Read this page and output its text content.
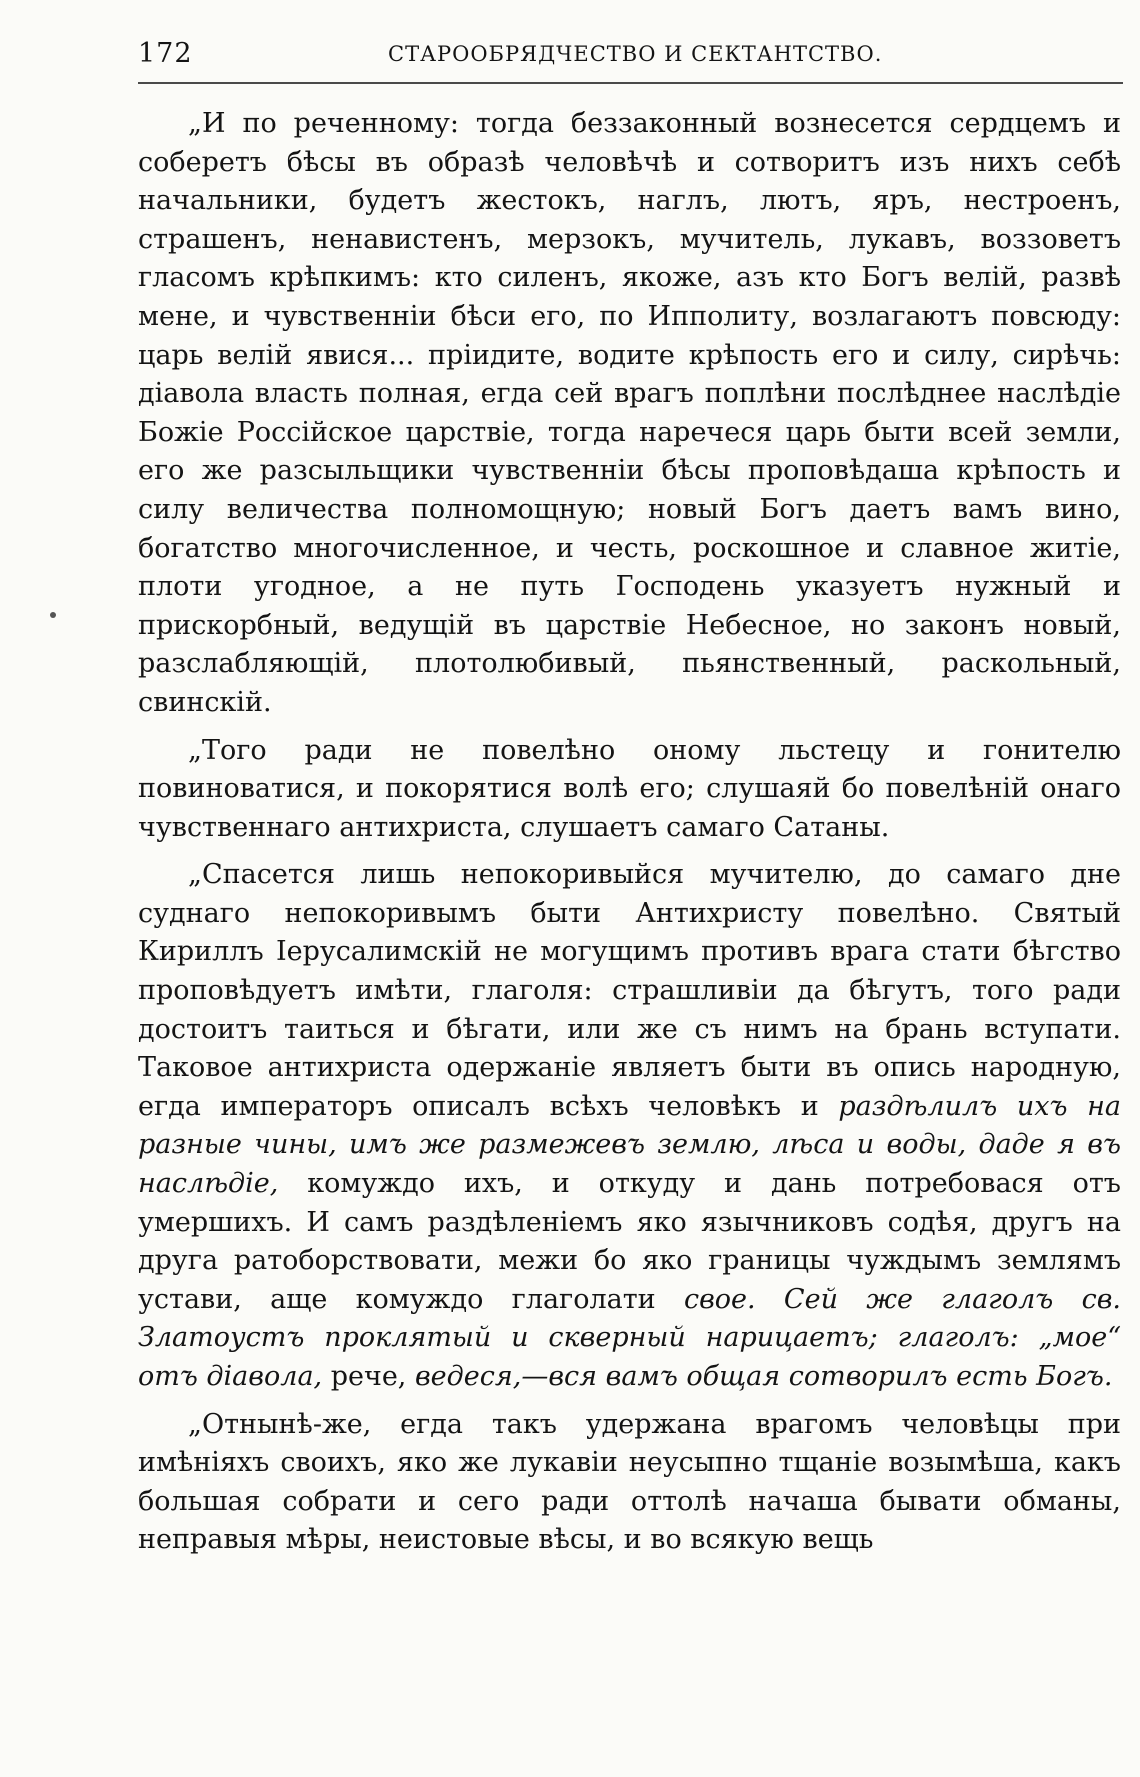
172	СТАРООБРЯДЧЕСТВО И СЕКТАНТСТВО.

„И по реченному: тогда беззаконный вознесется сердцемъ и соберетъ бѣсы въ образѣ человѣчѣ и сотворитъ изъ нихъ себѣ начальники, будетъ жестокъ, наглъ, лютъ, яръ, нестроенъ, страшенъ, ненавистенъ, мерзокъ, мучитель, лукавъ, воззоветъ гласомъ крѣпкимъ: кто силенъ, якоже, азъ кто Богъ велій, развѣ мене, и чувственніи бѣси его, по Ипполиту, возлагаютъ повсюду: царь велій явися... пріидите, водите крѣпость его и силу, сирѣчь: діавола власть полная, егда сей врагъ поплѣни послѣднее наслѣдіе Божіе Россійское царствіе, тогда наречеся царь быти всей земли, его же разсыльщики чувственніи бѣсы проповѣдаша крѣпость и силу величества полномощную; новый Богъ даетъ вамъ вино, богатство многочисленное, и честь, роскошное и славное житіе, плоти угодное, а не путь Господень указуетъ нужный и прискорбный, ведущій въ царствіе Небесное, но законъ новый, разслабляющій, плотолюбивый, пьянственный, раскольный, свинскій.

„Того ради не повелѣно оному льстецу и гонителю повиноватися, и покорятися волѣ его; слушаяй бо повелѣній онаго чувственнаго антихриста, слушаетъ самаго Сатаны.

„Спасется лишь непокоривыйся мучителю, до самаго дне суднаго непокоривымъ быти Антихристу повелѣно. Святый Кириллъ Іерусалимскій не могущимъ противъ врага стати бѣгство проповѣдуетъ имѣти, глаголя: страшливіи да бѣгутъ, того ради достоитъ таиться и бѣгати, или же съ нимъ на брань вступати. Таковое антихриста одержаніе являетъ быти въ опись народную, егда императоръ описалъ всѣхъ человѣкъ и раздѣлилъ ихъ на разные чины, имъ же размежевъ землю, лѣса и воды, даде я въ наслѣдіе, комуждо ихъ, и откуду и дань потребовася отъ умершихъ. И самъ раздѣленіемъ яко язычниковъ содѣя, другъ на друга ратоборствовати, межи бо яко границы чуждымъ землямъ устави, аще комуждо глаголати свое. Сей же глаголъ св. Златоустъ проклятый и скверный нарицаетъ; глаголъ: „мое“ отъ діавола, рече, ведеся,—вся вамъ общая сотворилъ есть Богъ.

„Отнынѣ-же, егда такъ удержана врагомъ человѣцы при имѣніяхъ своихъ, яко же лукавіи неусыпно тщаніе возымѣша, какъ большая собрати и сего ради оттолѣ начаша бывати обманы, неправыя мѣры, неистовые вѣсы, и во всякую вещь
